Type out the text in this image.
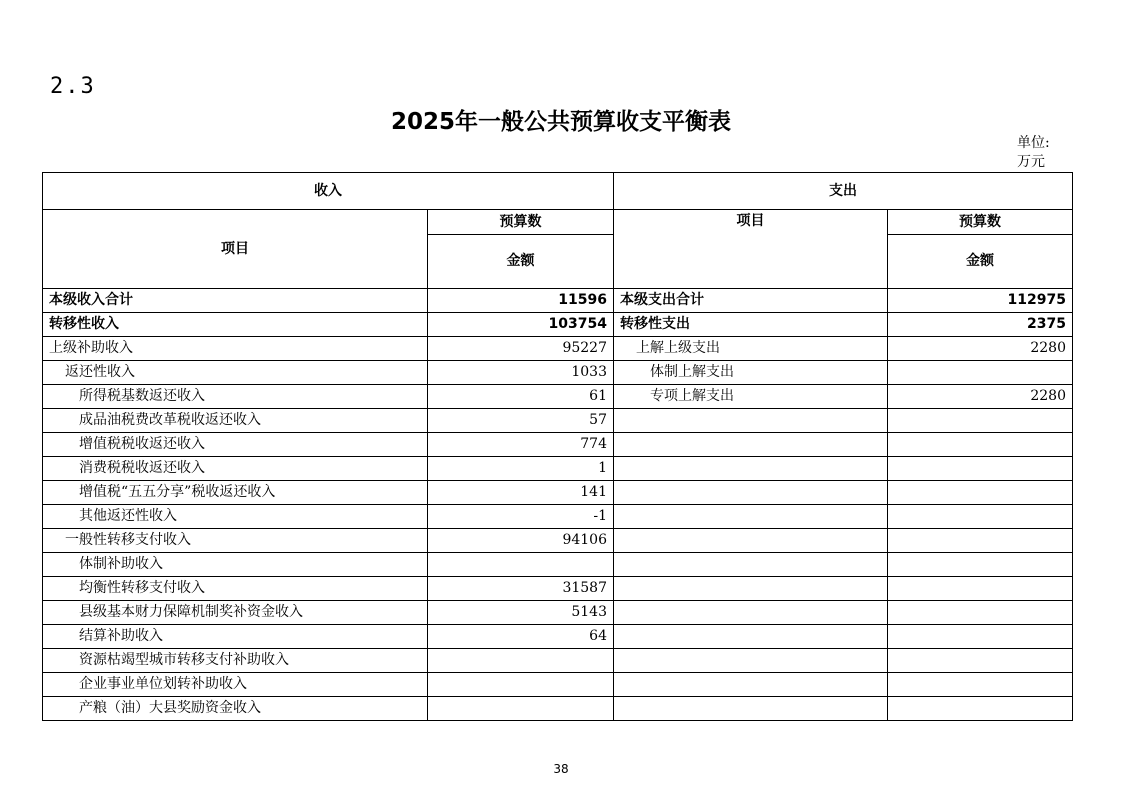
2.3
2025年一般公共预算收支平衡表
单位:
万元
收入		支出	
项目	预算数	项目	预算数
	金额		金额
本级收入合计	11596	本级支出合计	112975
转移性收入	103754	转移性支出	2375
上级补助收入	95227	上解上级支出	2280
返还性收入	1033	体制上解支出	
所得税基数返还收入	61	专项上解支出	2280
成品油税费改革税收返还收入	57		
增值税税收返还收入	774		
消费税税收返还收入	1		
增值税“五五分享”税收返还收入	141		
其他返还性收入	-1		
一般性转移支付收入	94106		
体制补助收入			
均衡性转移支付收入	31587		
县级基本财力保障机制奖补资金收入	5143		
结算补助收入	64		
资源枯竭型城市转移支付补助收入			
企业事业单位划转补助收入			
产粮（油）大县奖励资金收入			
38
